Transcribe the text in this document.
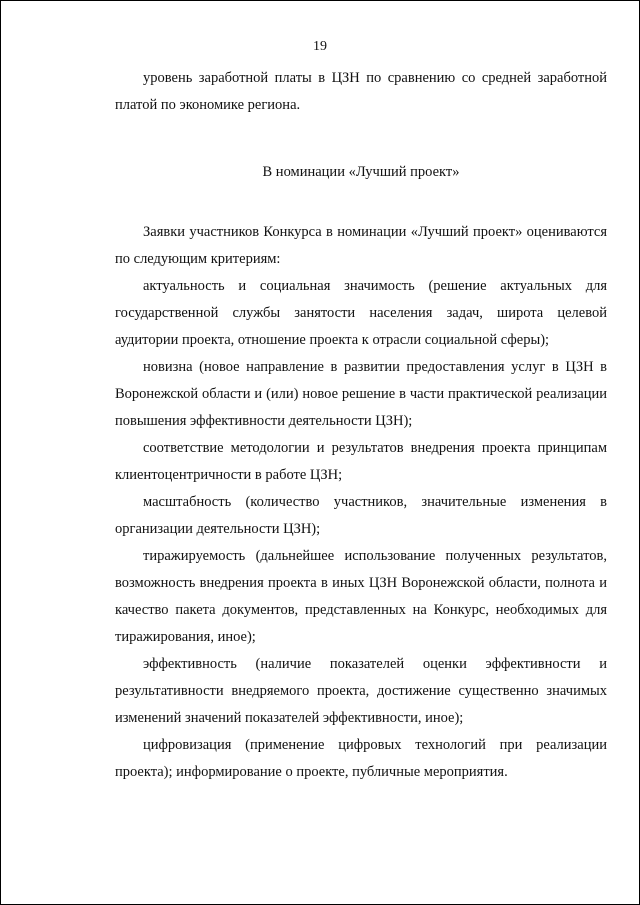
19

уровень заработной платы в ЦЗН по сравнению со средней заработной платой по экономике региона.

В номинации «Лучший проект»

Заявки участников Конкурса в номинации «Лучший проект» оцениваются по следующим критериям:

актуальность и социальная значимость (решение актуальных для государственной службы занятости населения задач, широта целевой аудитории проекта, отношение проекта к отрасли социальной сферы);

новизна (новое направление в развитии предоставления услуг в ЦЗН в Воронежской области и (или) новое решение в части практической реализации повышения эффективности деятельности ЦЗН);

соответствие методологии и результатов внедрения проекта принципам клиентоцентричности в работе ЦЗН;

масштабность (количество участников, значительные изменения в организации деятельности ЦЗН);

тиражируемость (дальнейшее использование полученных результатов, возможность внедрения проекта в иных ЦЗН Воронежской области, полнота и качество пакета документов, представленных на Конкурс, необходимых для тиражирования, иное);

эффективность (наличие показателей оценки эффективности и результативности внедряемого проекта, достижение существенно значимых изменений значений показателей эффективности, иное);

цифровизация (применение цифровых технологий при реализации проекта); информирование о проекте, публичные мероприятия.
